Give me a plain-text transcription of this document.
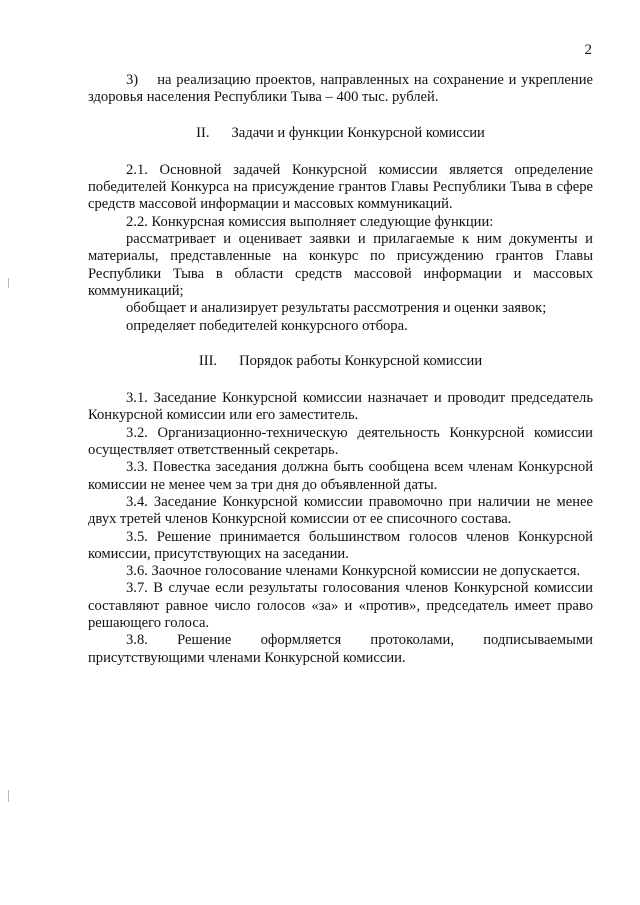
2

3)    на реализацию проектов, направленных на сохранение и укрепление здоровья населения Республики Тыва – 400 тыс. рублей.

II. Задачи и функции Конкурсной комиссии

2.1. Основной задачей Конкурсной комиссии является определение победителей Конкурса на присуждение грантов Главы Республики Тыва в сфере средств массовой информации и массовых коммуникаций.

2.2. Конкурсная комиссия выполняет следующие функции:

рассматривает и оценивает заявки и прилагаемые к ним документы и материалы, представленные на конкурс по присуждению грантов Главы Республики Тыва в области средств массовой информации и массовых коммуникаций;

обобщает и анализирует результаты рассмотрения и оценки заявок;

определяет победителей конкурсного отбора.

III. Порядок работы Конкурсной комиссии

3.1. Заседание Конкурсной комиссии назначает и проводит председатель Конкурсной комиссии или его заместитель.

3.2. Организационно-техническую деятельность Конкурсной комиссии осуществляет ответственный секретарь.

3.3. Повестка заседания должна быть сообщена всем членам Конкурсной комиссии не менее чем за три дня до объявленной даты.

3.4. Заседание Конкурсной комиссии правомочно при наличии не менее двух третей членов Конкурсной комиссии от ее списочного состава.

3.5. Решение принимается большинством голосов членов Конкурсной комиссии, присутствующих на заседании.

3.6. Заочное голосование членами Конкурсной комиссии не допускается.

3.7. В случае если результаты голосования членов Конкурсной комиссии составляют равное число голосов «за» и «против», председатель имеет право решающего голоса.

3.8. Решение оформляется протоколами, подписываемыми присутствующими членами Конкурсной комиссии.
